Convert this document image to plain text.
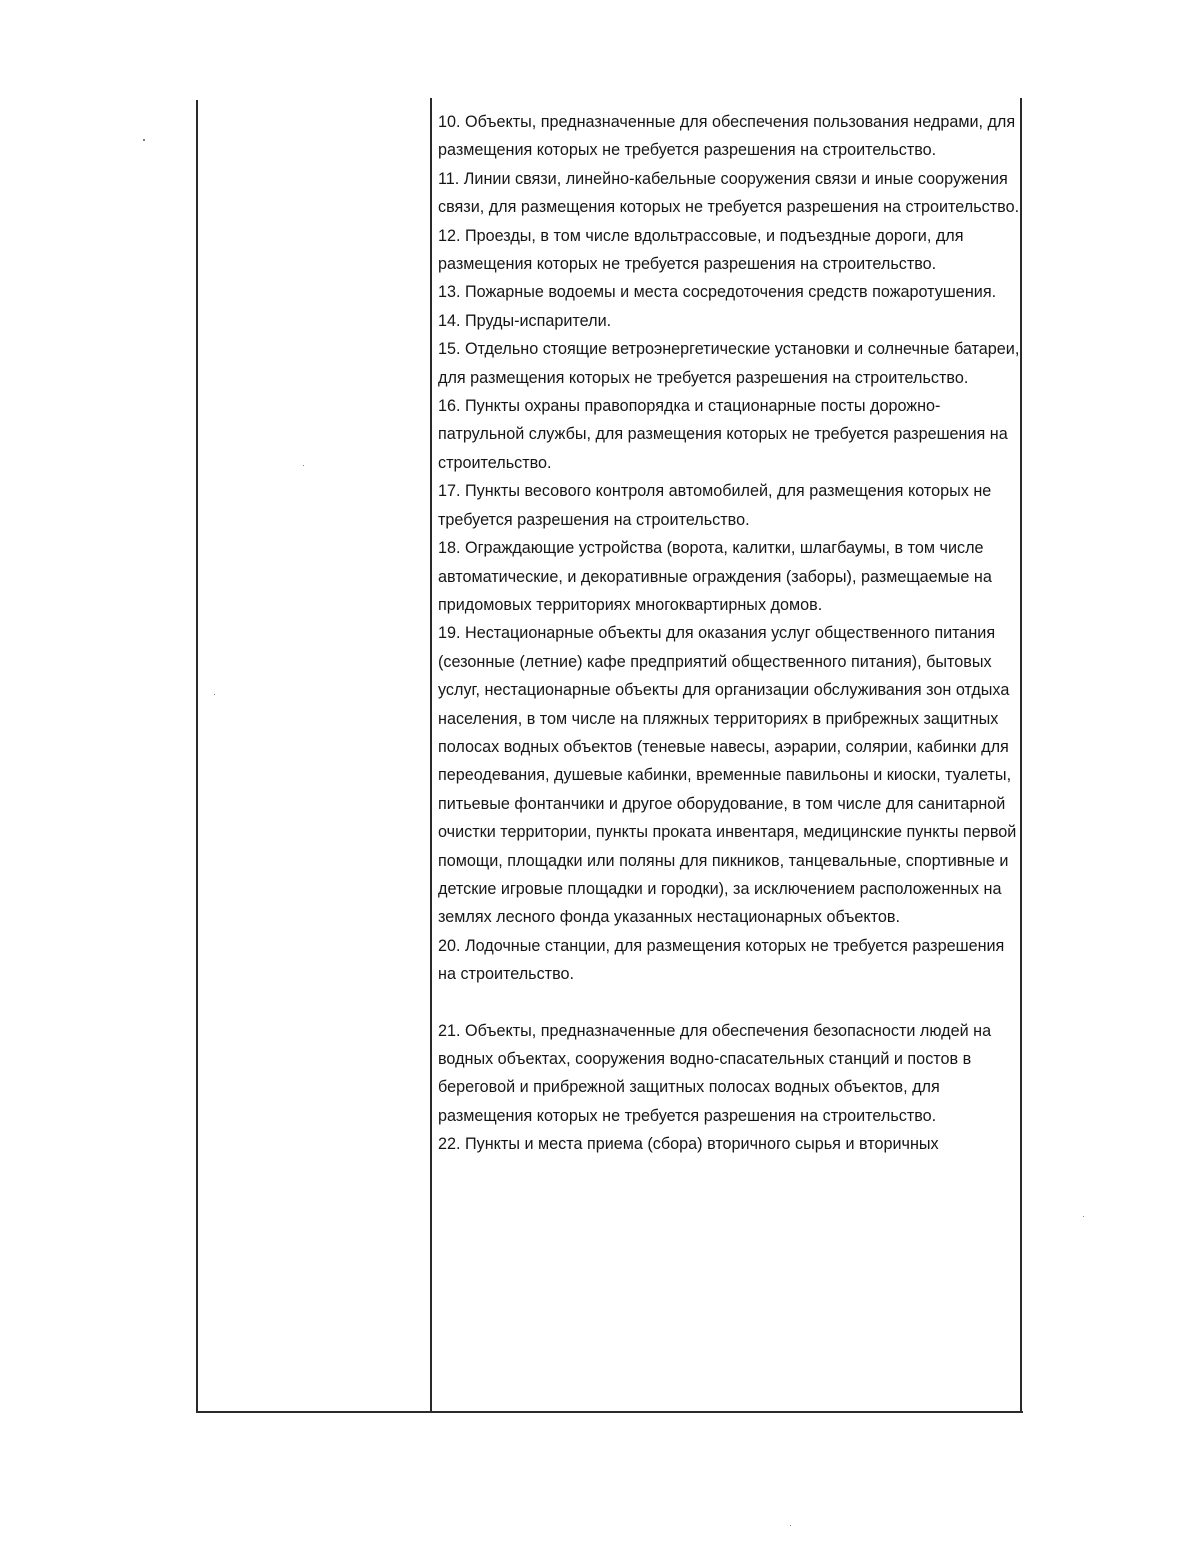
10. Объекты, предназначенные для обеспечения пользования недрами, для размещения которых не требуется разрешения на строительство.

11. Линии связи, линейно-кабельные сооружения связи и иные сооружения связи, для размещения которых не требуется разрешения на строительство.

12. Проезды, в том числе вдольтрассовые, и подъездные дороги, для размещения которых не требуется разрешения на строительство.

13. Пожарные водоемы и места сосредоточения средств пожаротушения.

14. Пруды-испарители.

15. Отдельно стоящие ветроэнергетические установки и солнечные батареи, для размещения которых не требуется разрешения на строительство.

16. Пункты охраны правопорядка и стационарные посты дорожно-патрульной службы, для размещения которых не требуется разрешения на строительство.

17. Пункты весового контроля автомобилей, для размещения которых не требуется разрешения на строительство.

18. Ограждающие устройства (ворота, калитки, шлагбаумы, в том числе автоматические, и декоративные ограждения (заборы), размещаемые на придомовых территориях многоквартирных домов.

19. Нестационарные объекты для оказания услуг общественного питания (сезонные (летние) кафе предприятий общественного питания), бытовых услуг, нестационарные объекты для организации обслуживания зон отдыха населения, в том числе на пляжных территориях в прибрежных защитных полосах водных объектов (теневые навесы, аэрарии, солярии, кабинки для переодевания, душевые кабинки, временные павильоны и киоски, туалеты, питьевые фонтанчики и другое оборудование, в том числе для санитарной очистки территории, пункты проката инвентаря, медицинские пункты первой помощи, площадки или поляны для пикников, танцевальные, спортивные и детские игровые площадки и городки), за исключением расположенных на землях лесного фонда указанных нестационарных объектов.

20. Лодочные станции, для размещения которых не требуется разрешения на строительство.

21. Объекты, предназначенные для обеспечения безопасности людей на водных объектах, сооружения водно-спасательных станций и постов в береговой и прибрежной защитных полосах водных объектов, для размещения которых не требуется разрешения на строительство.

22. Пункты и места приема (сбора) вторичного сырья и вторичных
